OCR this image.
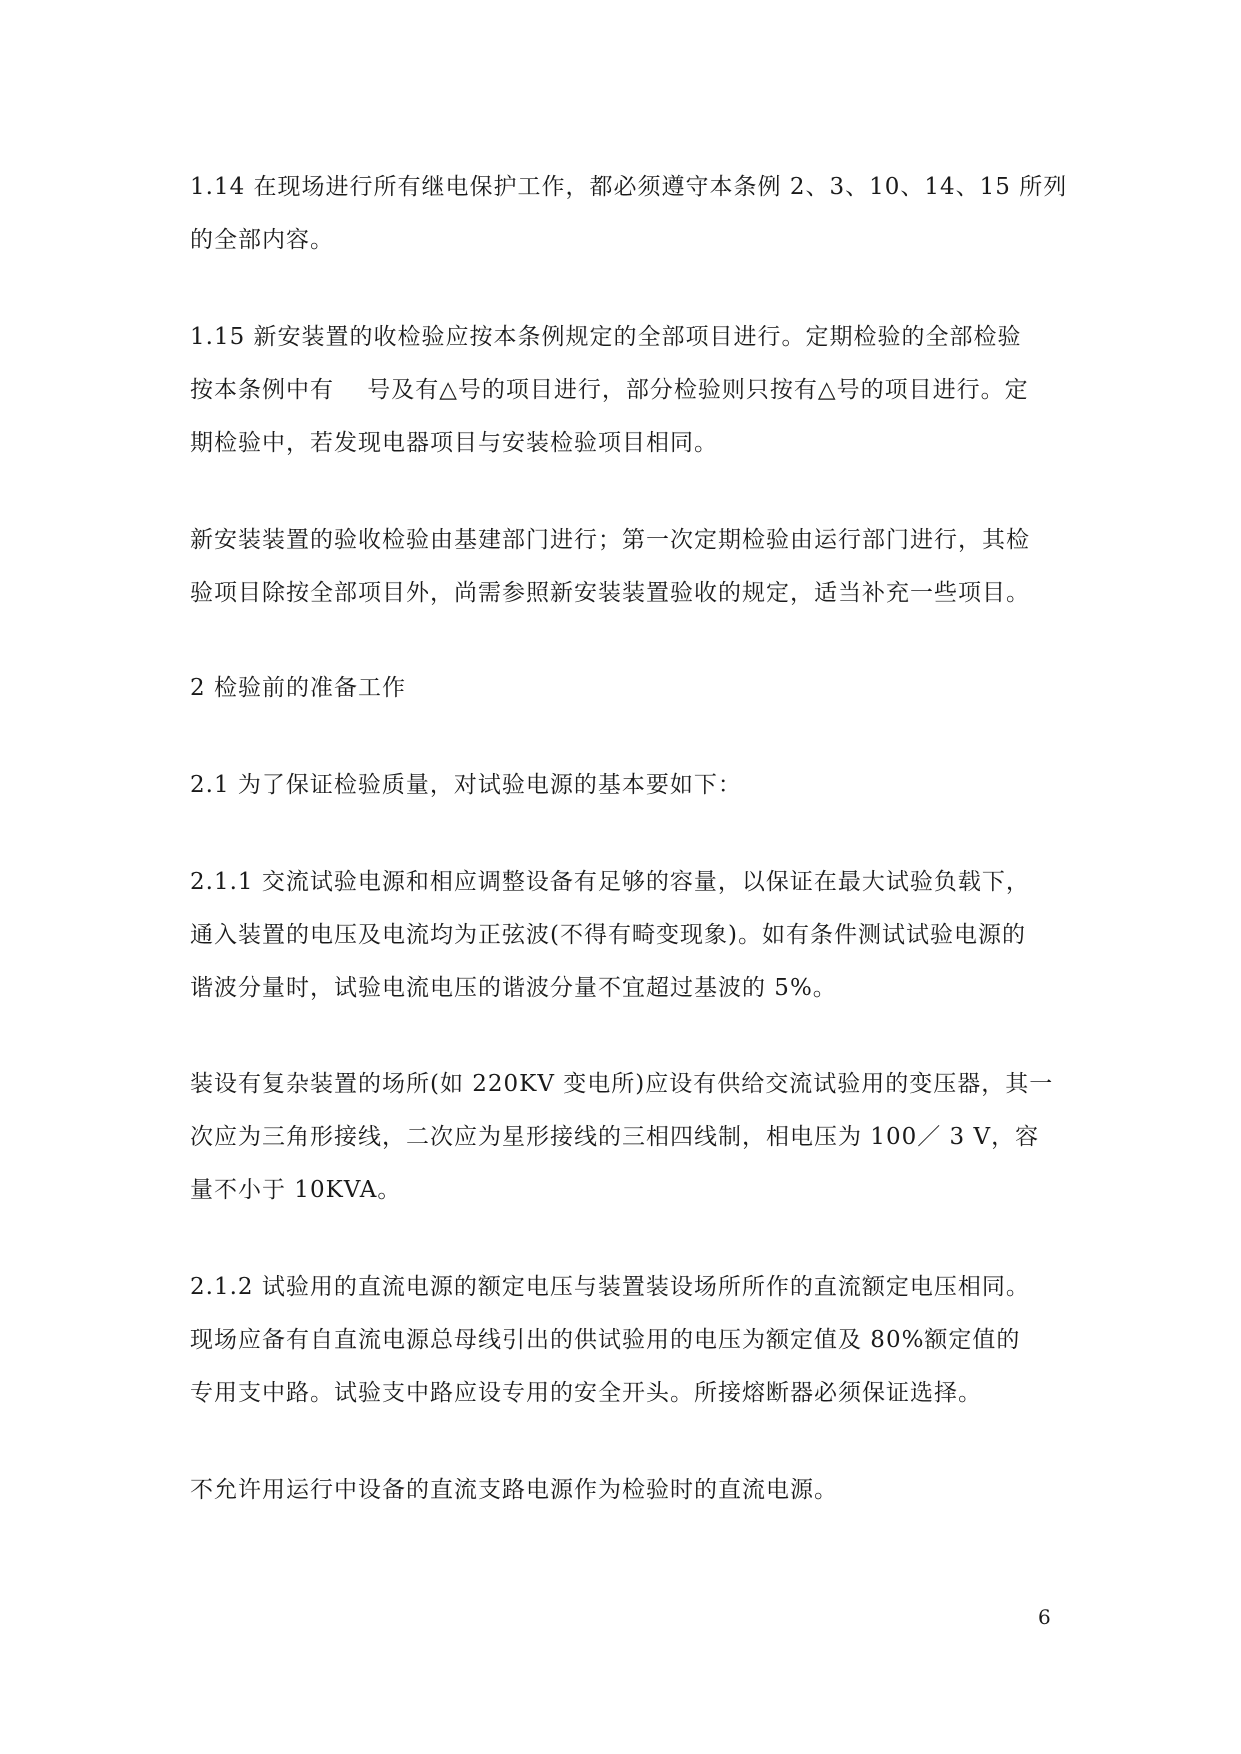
1.14 在现场进行所有继电保护工作，都必须遵守本条例 2、3、10、14、15 所列
的全部内容。
1.15 新安装置的收检验应按本条例规定的全部项目进行。定期检验的全部检验
按本条例中有    号及有△号的项目进行，部分检验则只按有△号的项目进行。定
期检验中，若发现电器项目与安装检验项目相同。
新安装装置的验收检验由基建部门进行；第一次定期检验由运行部门进行，其检
验项目除按全部项目外，尚需参照新安装装置验收的规定，适当补充一些项目。
2 检验前的准备工作
2.1 为了保证检验质量，对试验电源的基本要如下：
2.1.1 交流试验电源和相应调整设备有足够的容量，以保证在最大试验负载下，
通入装置的电压及电流均为正弦波(不得有畸变现象)。如有条件测试试验电源的
谐波分量时，试验电流电压的谐波分量不宜超过基波的 5%。
装设有复杂装置的场所(如 220KV 变电所)应设有供给交流试验用的变压器，其一
次应为三角形接线，二次应为星形接线的三相四线制，相电压为 100／ 3 V，容
量不小于 10KVA。
2.1.2 试验用的直流电源的额定电压与装置装设场所所作的直流额定电压相同。
现场应备有自直流电源总母线引出的供试验用的电压为额定值及 80%额定值的
专用支中路。试验支中路应设专用的安全开头。所接熔断器必须保证选择。
不允许用运行中设备的直流支路电源作为检验时的直流电源。
6
